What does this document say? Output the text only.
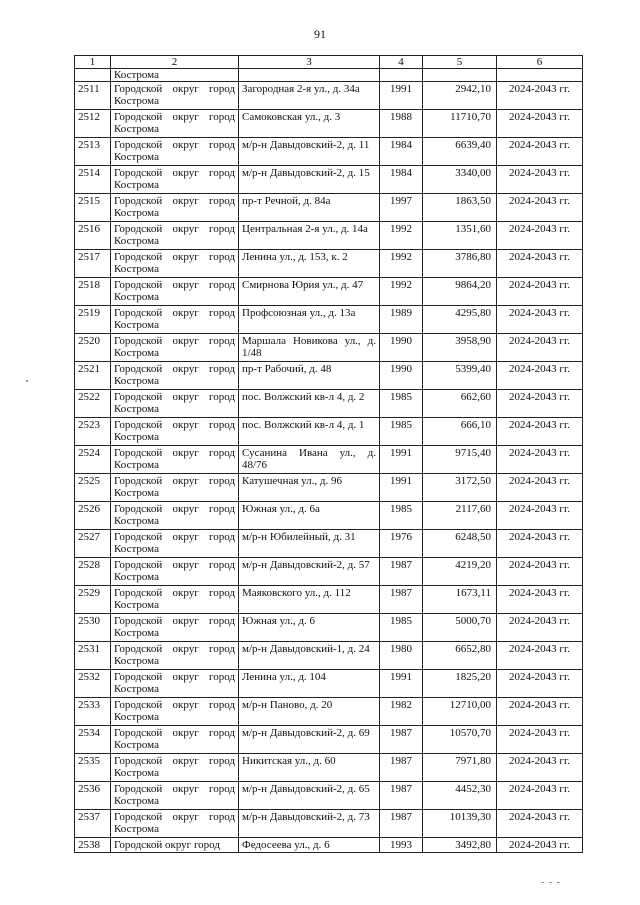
91
1	2	3	4	5	6
	Кострома				
2511	Городской округ город Кострома	Загородная 2-я ул., д. 34а	1991	2942,10	2024-2043 гг.
2512	Городской округ город Кострома	Самоковская ул., д. 3	1988	11710,70	2024-2043 гг.
2513	Городской округ город Кострома	м/р-н Давыдовский-2, д. 11	1984	6639,40	2024-2043 гг.
2514	Городской округ город Кострома	м/р-н Давыдовский-2, д. 15	1984	3340,00	2024-2043 гг.
2515	Городской округ город Кострома	пр-т Речной, д. 84а	1997	1863,50	2024-2043 гг.
2516	Городской округ город Кострома	Центральная 2-я ул., д. 14а	1992	1351,60	2024-2043 гг.
2517	Городской округ город Кострома	Ленина ул., д. 153, к. 2	1992	3786,80	2024-2043 гг.
2518	Городской округ город Кострома	Смирнова Юрия ул., д. 47	1992	9864,20	2024-2043 гг.
2519	Городской округ город Кострома	Профсоюзная ул., д. 13а	1989	4295,80	2024-2043 гг.
2520	Городской округ город Кострома	Маршала Новикова ул., д. 1/48	1990	3958,90	2024-2043 гг.
2521	Городской округ город Кострома	пр-т Рабочий, д. 48	1990	5399,40	2024-2043 гг.
2522	Городской округ город Кострома	пос. Волжский кв-л 4, д. 2	1985	662,60	2024-2043 гг.
2523	Городской округ город Кострома	пос. Волжский кв-л 4, д. 1	1985	666,10	2024-2043 гг.
2524	Городской округ город Кострома	Сусанина Ивана ул., д. 48/76	1991	9715,40	2024-2043 гг.
2525	Городской округ город Кострома	Катушечная ул., д. 96	1991	3172,50	2024-2043 гг.
2526	Городской округ город Кострома	Южная ул., д. 6а	1985	2117,60	2024-2043 гг.
2527	Городской округ город Кострома	м/р-н Юбилейный, д. 31	1976	6248,50	2024-2043 гг.
2528	Городской округ город Кострома	м/р-н Давыдовский-2, д. 57	1987	4219,20	2024-2043 гг.
2529	Городской округ город Кострома	Маяковского ул., д. 112	1987	1673,11	2024-2043 гг.
2530	Городской округ город Кострома	Южная ул., д. 6	1985	5000,70	2024-2043 гг.
2531	Городской округ город Кострома	м/р-н Давыдовский-1, д. 24	1980	6652,80	2024-2043 гг.
2532	Городской округ город Кострома	Ленина ул., д. 104	1991	1825,20	2024-2043 гг.
2533	Городской округ город Кострома	м/р-н Паново, д. 20	1982	12710,00	2024-2043 гг.
2534	Городской округ город Кострома	м/р-н Давыдовский-2, д. 69	1987	10570,70	2024-2043 гг.
2535	Городской округ город Кострома	Никитская ул., д. 60	1987	7971,80	2024-2043 гг.
2536	Городской округ город Кострома	м/р-н Давыдовский-2, д. 65	1987	4452,30	2024-2043 гг.
2537	Городской округ город Кострома	м/р-н Давыдовский-2, д. 73	1987	10139,30	2024-2043 гг.
2538	Городской округ город	Федосеева ул., д. 6	1993	3492,80	2024-2043 гг.
- - -
